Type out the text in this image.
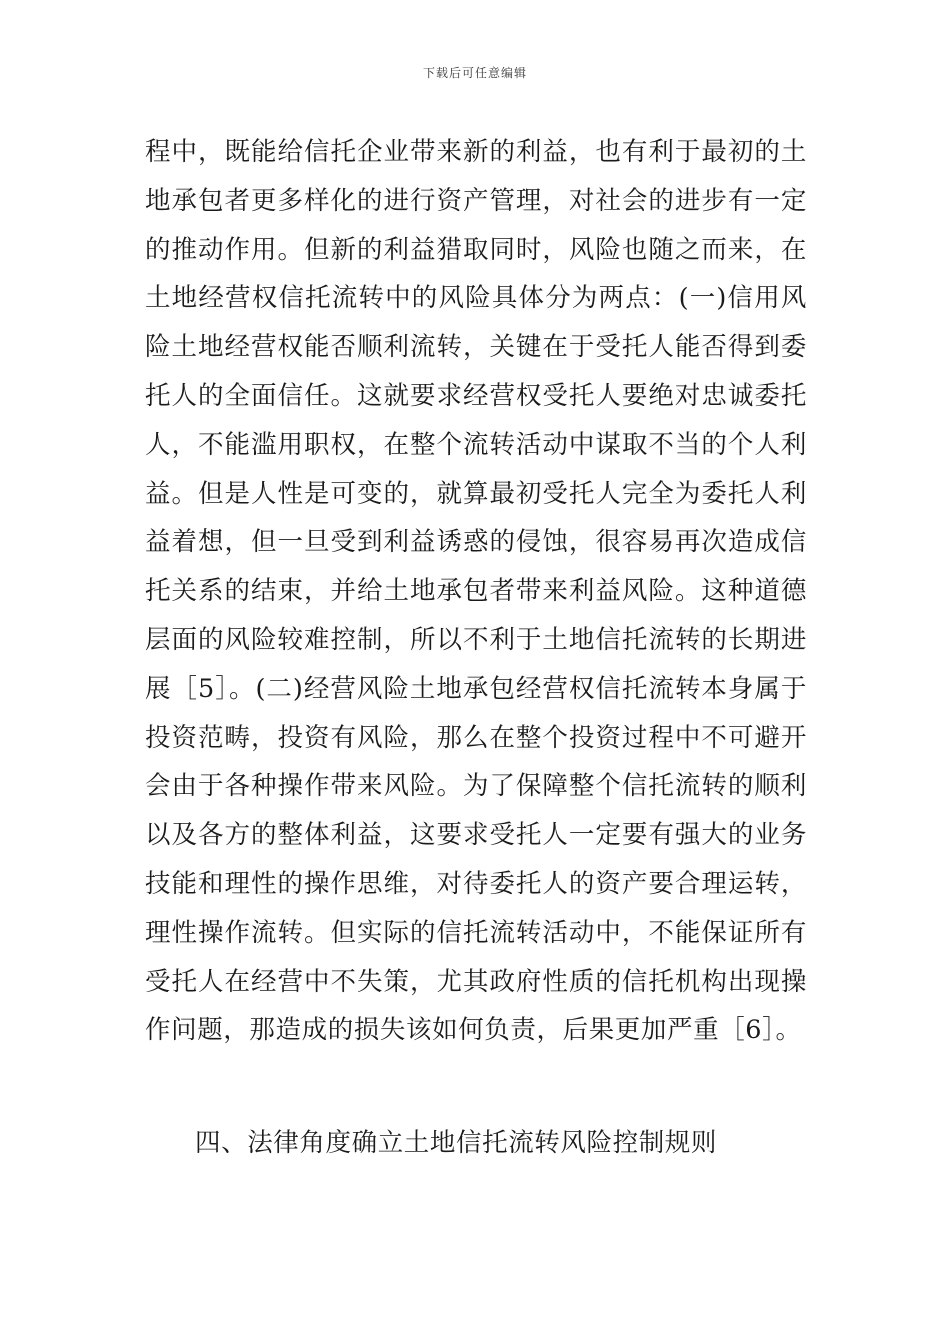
下载后可任意编辑
程中，既能给信托企业带来新的利益，也有利于最初的土
地承包者更多样化的进行资产管理，对社会的进步有一定
的推动作用。但新的利益猎取同时，风险也随之而来，在
土地经营权信托流转中的风险具体分为两点：(一)信用风
险土地经营权能否顺利流转，关键在于受托人能否得到委
托人的全面信任。这就要求经营权受托人要绝对忠诚委托
人，不能滥用职权，在整个流转活动中谋取不当的个人利
益。但是人性是可变的，就算最初受托人完全为委托人利
益着想，但一旦受到利益诱惑的侵蚀，很容易再次造成信
托关系的结束，并给土地承包者带来利益风险。这种道德
层面的风险较难控制，所以不利于土地信托流转的长期进
展［5］。(二)经营风险土地承包经营权信托流转本身属于
投资范畴，投资有风险，那么在整个投资过程中不可避开
会由于各种操作带来风险。为了保障整个信托流转的顺利
以及各方的整体利益，这要求受托人一定要有强大的业务
技能和理性的操作思维，对待委托人的资产要合理运转，
理性操作流转。但实际的信托流转活动中，不能保证所有
受托人在经营中不失策，尤其政府性质的信托机构出现操
作问题，那造成的损失该如何负责，后果更加严重［6］。
四、法律角度确立土地信托流转风险控制规则
